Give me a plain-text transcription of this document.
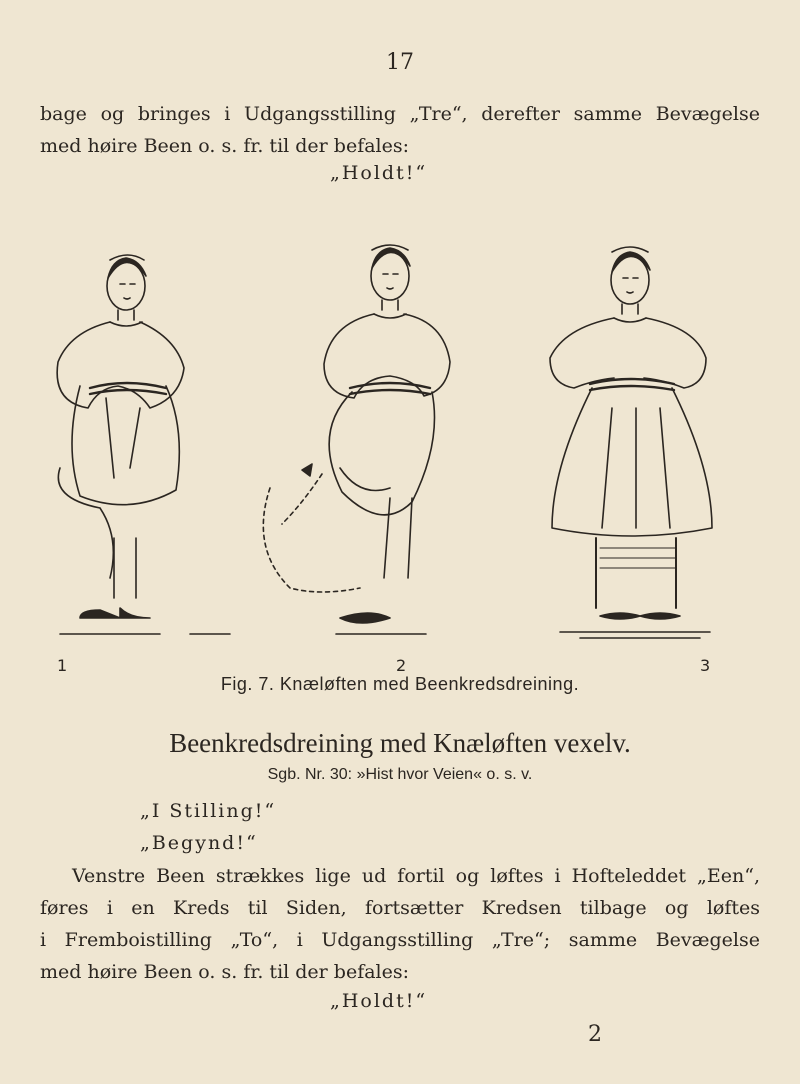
17
bage og bringes i Udgangsstilling „Tre“, derefter samme Bevægelse
med høire Been o. s. fr. til der befales:
„Holdt!“
1	2	3
Fig. 7. Knæløften med Beenkredsdreining.
Beenkredsdreining med Knæløften vexelv.
Sgb. Nr. 30: »Hist hvor Veien« o. s. v.
„I Stilling!“
„Begynd!“
Venstre Been strækkes lige ud fortil og løftes i Hofteleddet „Een“,
føres i en Kreds til Siden, fortsætter Kredsen tilbage og løftes
i Fremboistilling „To“, i Udgangsstilling „Tre“; samme Bevægelse
med høire Been o. s. fr. til der befales:
„Holdt!“
2
